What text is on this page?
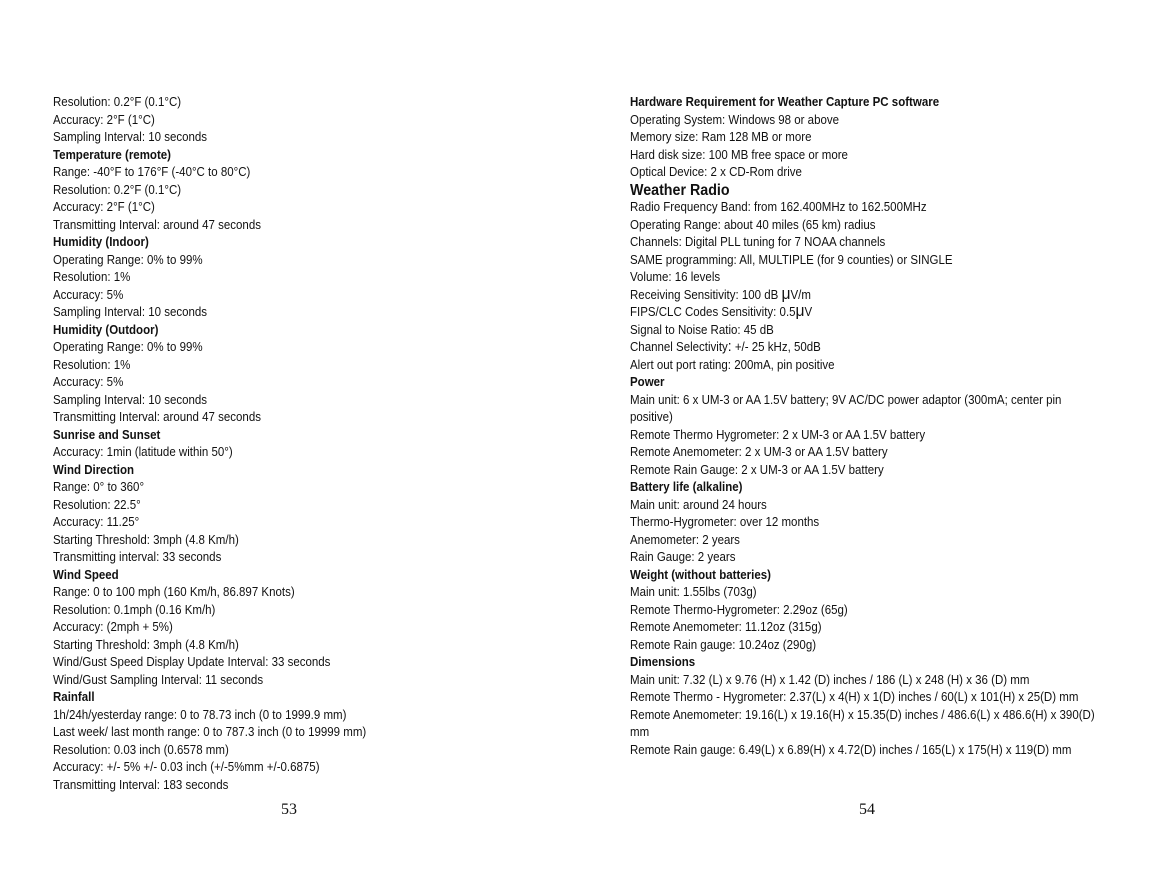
Resolution: 0.2°F (0.1°C)
Accuracy: 2°F (1°C)
Sampling Interval: 10 seconds
Temperature (remote)
Range: -40°F to 176°F (-40°C to 80°C)
Resolution: 0.2°F (0.1°C)
Accuracy: 2°F (1°C)
Transmitting Interval: around 47 seconds
Humidity (Indoor)
Operating Range: 0% to 99%
Resolution: 1%
Accuracy: 5%
Sampling Interval: 10 seconds
Humidity (Outdoor)
Operating Range: 0% to 99%
Resolution: 1%
Accuracy: 5%
Sampling Interval: 10 seconds
Transmitting Interval: around 47 seconds
Sunrise and Sunset
Accuracy: 1min (latitude within 50°)
Wind Direction
Range: 0° to 360°
Resolution: 22.5°
Accuracy: 11.25°
Starting Threshold: 3mph (4.8 Km/h)
Transmitting interval: 33 seconds
Wind Speed
Range: 0 to 100 mph (160 Km/h, 86.897 Knots)
Resolution: 0.1mph (0.16 Km/h)
Accuracy: (2mph + 5%)
Starting Threshold: 3mph (4.8 Km/h)
Wind/Gust Speed Display Update Interval: 33 seconds
Wind/Gust Sampling Interval: 11 seconds
Rainfall
1h/24h/yesterday range: 0 to 78.73 inch (0 to 1999.9 mm)
Last week/ last month range: 0 to 787.3 inch (0 to 19999 mm)
Resolution: 0.03 inch (0.6578 mm)
Accuracy: +/- 5% +/- 0.03 inch (+/-5%mm +/-0.6875)
Transmitting Interval: 183 seconds
53
Hardware Requirement for Weather Capture PC software
Operating System: Windows 98 or above
Memory size: Ram 128 MB or more
Hard disk size: 100 MB free space or more
Optical Device: 2 x CD-Rom drive
Weather Radio
Radio Frequency Band: from 162.400MHz to 162.500MHz
Operating Range: about 40 miles (65 km) radius
Channels: Digital PLL tuning for 7 NOAA channels
SAME programming: All, MULTIPLE (for 9 counties) or SINGLE
Volume: 16 levels
Receiving Sensitivity: 100 dB μV/m
FIPS/CLC Codes Sensitivity: 0.5μV
Signal to Noise Ratio: 45 dB
Channel Selectivity: +/- 25 kHz, 50dB
Alert out port rating: 200mA, pin positive
Power
Main unit: 6 x UM-3 or AA 1.5V battery; 9V AC/DC power adaptor (300mA; center pin positive)
Remote Thermo Hygrometer: 2 x UM-3 or AA 1.5V battery
Remote Anemometer: 2 x UM-3 or AA 1.5V battery
Remote Rain Gauge: 2 x UM-3 or AA 1.5V battery
Battery life (alkaline)
Main unit: around 24 hours
Thermo-Hygrometer: over 12 months
Anemometer: 2 years
Rain Gauge: 2 years
Weight (without batteries)
Main unit: 1.55lbs (703g)
Remote Thermo-Hygrometer: 2.29oz (65g)
Remote Anemometer: 11.12oz (315g)
Remote Rain gauge: 10.24oz (290g)
Dimensions
Main unit: 7.32 (L) x 9.76 (H) x 1.42 (D) inches / 186 (L) x 248 (H) x 36 (D) mm
Remote Thermo - Hygrometer: 2.37(L) x 4(H) x 1(D) inches / 60(L) x 101(H) x 25(D) mm
Remote Anemometer: 19.16(L) x 19.16(H) x 15.35(D) inches / 486.6(L) x 486.6(H) x 390(D) mm
Remote Rain gauge: 6.49(L) x 6.89(H) x 4.72(D) inches / 165(L) x 175(H) x 119(D) mm
54
